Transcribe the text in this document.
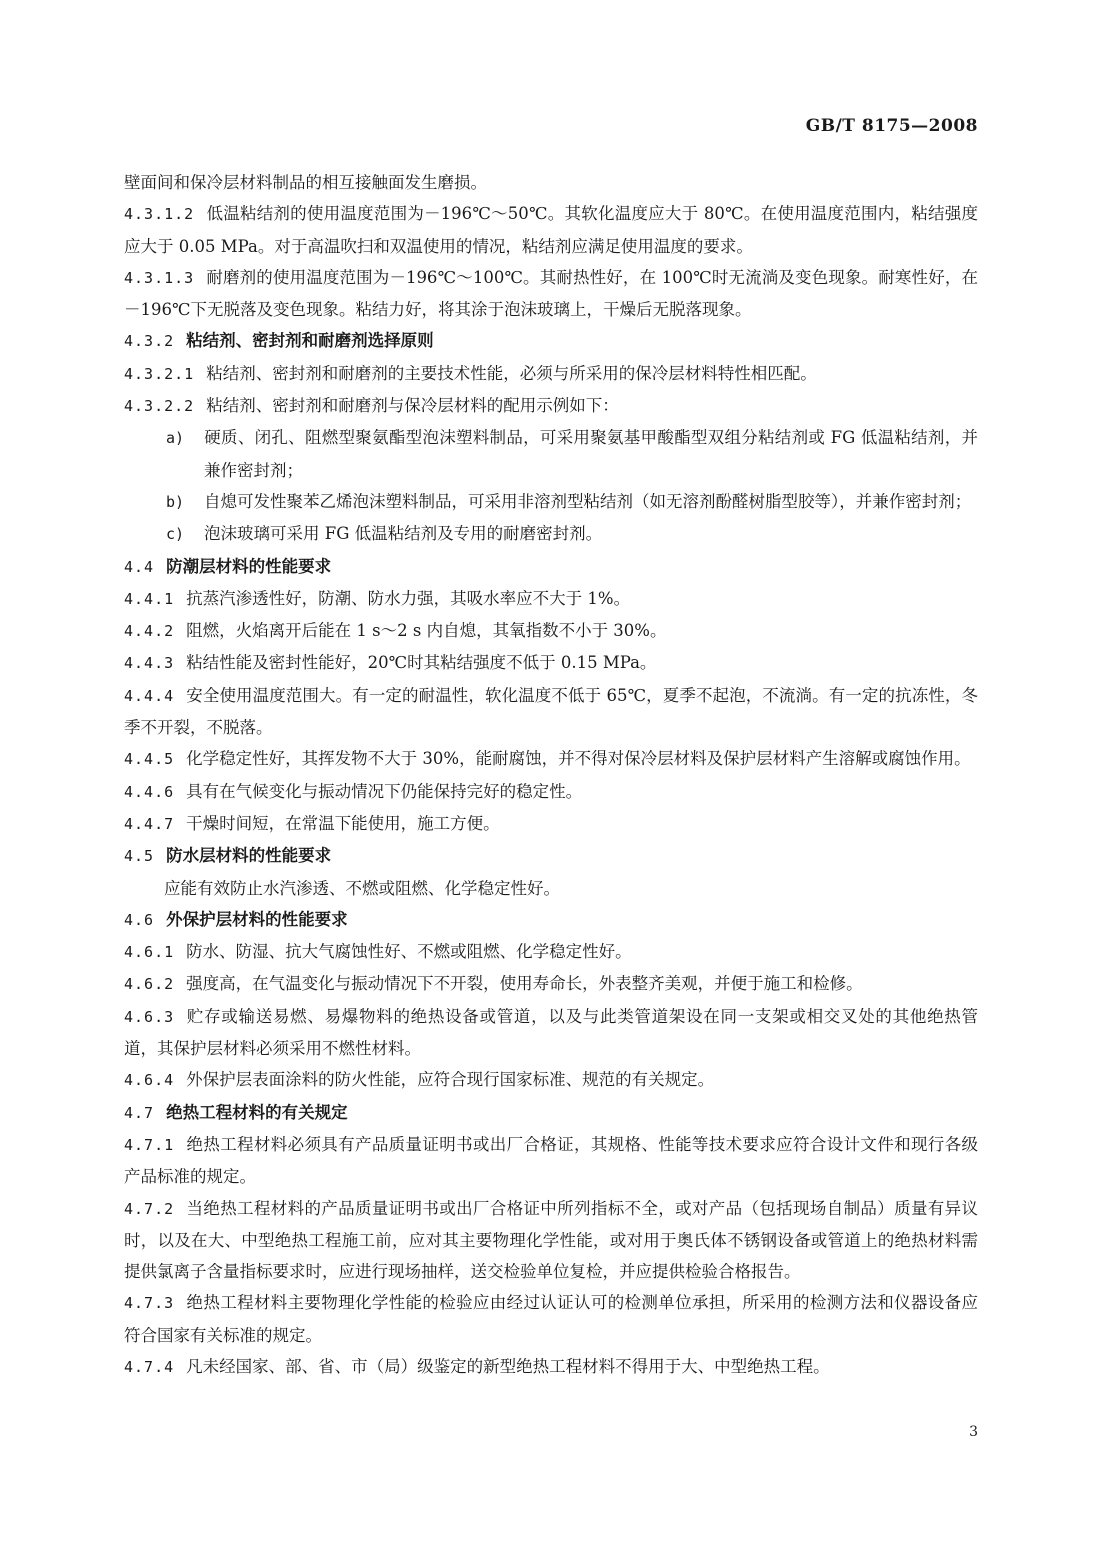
GB/T 8175—2008
壁面间和保冷层材料制品的相互接触面发生磨损。
4.3.1.2 低温粘结剂的使用温度范围为－196℃～50℃。其软化温度应大于 80℃。在使用温度范围内，粘结强度应大于 0.05 MPa。对于高温吹扫和双温使用的情况，粘结剂应满足使用温度的要求。
4.3.1.3 耐磨剂的使用温度范围为－196℃～100℃。其耐热性好，在 100℃时无流淌及变色现象。耐寒性好，在－196℃下无脱落及变色现象。粘结力好，将其涂于泡沫玻璃上，干燥后无脱落现象。
4.3.2 粘结剂、密封剂和耐磨剂选择原则
4.3.2.1 粘结剂、密封剂和耐磨剂的主要技术性能，必须与所采用的保冷层材料特性相匹配。
4.3.2.2 粘结剂、密封剂和耐磨剂与保冷层材料的配用示例如下：
a) 硬质、闭孔、阻燃型聚氨酯型泡沫塑料制品，可采用聚氨基甲酸酯型双组分粘结剂或 FG 低温粘结剂，并兼作密封剂；
b) 自熄可发性聚苯乙烯泡沫塑料制品，可采用非溶剂型粘结剂（如无溶剂酚醛树脂型胶等），并兼作密封剂；
c) 泡沫玻璃可采用 FG 低温粘结剂及专用的耐磨密封剂。
4.4 防潮层材料的性能要求
4.4.1 抗蒸汽渗透性好，防潮、防水力强，其吸水率应不大于 1%。
4.4.2 阻燃，火焰离开后能在 1 s～2 s 内自熄，其氧指数不小于 30%。
4.4.3 粘结性能及密封性能好，20℃时其粘结强度不低于 0.15 MPa。
4.4.4 安全使用温度范围大。有一定的耐温性，软化温度不低于 65℃，夏季不起泡，不流淌。有一定的抗冻性，冬季不开裂，不脱落。
4.4.5 化学稳定性好，其挥发物不大于 30%，能耐腐蚀，并不得对保冷层材料及保护层材料产生溶解或腐蚀作用。
4.4.6 具有在气候变化与振动情况下仍能保持完好的稳定性。
4.4.7 干燥时间短，在常温下能使用，施工方便。
4.5 防水层材料的性能要求
应能有效防止水汽渗透、不燃或阻燃、化学稳定性好。
4.6 外保护层材料的性能要求
4.6.1 防水、防湿、抗大气腐蚀性好、不燃或阻燃、化学稳定性好。
4.6.2 强度高，在气温变化与振动情况下不开裂，使用寿命长，外表整齐美观，并便于施工和检修。
4.6.3 贮存或输送易燃、易爆物料的绝热设备或管道，以及与此类管道架设在同一支架或相交叉处的其他绝热管道，其保护层材料必须采用不燃性材料。
4.6.4 外保护层表面涂料的防火性能，应符合现行国家标准、规范的有关规定。
4.7 绝热工程材料的有关规定
4.7.1 绝热工程材料必须具有产品质量证明书或出厂合格证，其规格、性能等技术要求应符合设计文件和现行各级产品标准的规定。
4.7.2 当绝热工程材料的产品质量证明书或出厂合格证中所列指标不全，或对产品（包括现场自制品）质量有异议时，以及在大、中型绝热工程施工前，应对其主要物理化学性能，或对用于奥氏体不锈钢设备或管道上的绝热材料需提供氯离子含量指标要求时，应进行现场抽样，送交检验单位复检，并应提供检验合格报告。
4.7.3 绝热工程材料主要物理化学性能的检验应由经过认证认可的检测单位承担，所采用的检测方法和仪器设备应符合国家有关标准的规定。
4.7.4 凡未经国家、部、省、市（局）级鉴定的新型绝热工程材料不得用于大、中型绝热工程。
3
